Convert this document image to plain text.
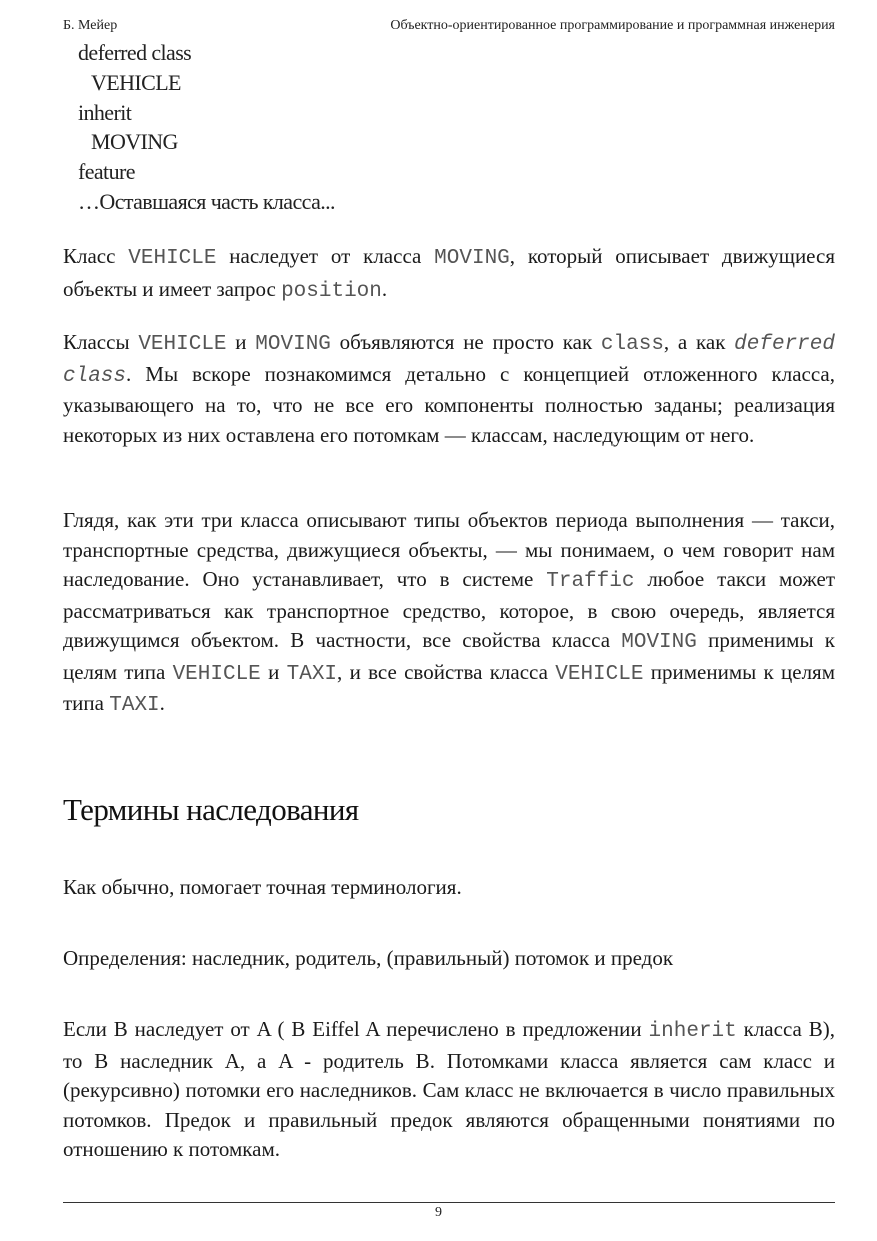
Б. Мейер	Объектно-ориентированное программирование и программная инженерия
deferred class
VEHICLE
inherit
MOVING
feature
…Оставшаяся часть класса...
Класс VEHICLE наследует от класса MOVING, который описывает движущиеся объекты и имеет запрос position.
Классы VEHICLE и MOVING объявляются не просто как class, а как deferred class. Мы вскоре познакомимся детально с концепцией отложенного класса, указывающего на то, что не все его компоненты полностью заданы; реализация некоторых из них оставлена его потомкам — классам, наследующим от него.
Глядя, как эти три класса описывают типы объектов периода выполнения — такси, транспортные средства, движущиеся объекты, — мы понимаем, о чем говорит нам наследование. Оно устанавливает, что в системе Traffic любое такси может рассматриваться как транспортное средство, которое, в свою очередь, является движущимся объектом. В частности, все свойства класса MOVING применимы к целям типа VEHICLE и TAXI, и все свойства класса VEHICLE применимы к целям типа TAXI.
Термины наследования
Как обычно, помогает точная терминология.
Определения: наследник, родитель, (правильный) потомок и предок
Если B наследует от A ( В Eiffel A перечислено в предложении inherit класса B), то B наследник A, а A - родитель B. Потомками класса является сам класс и (рекурсивно) потомки его наследников. Сам класс не включается в число правильных потомков. Предок и правильный предок являются обращенными понятиями по отношению к потомкам.
9
